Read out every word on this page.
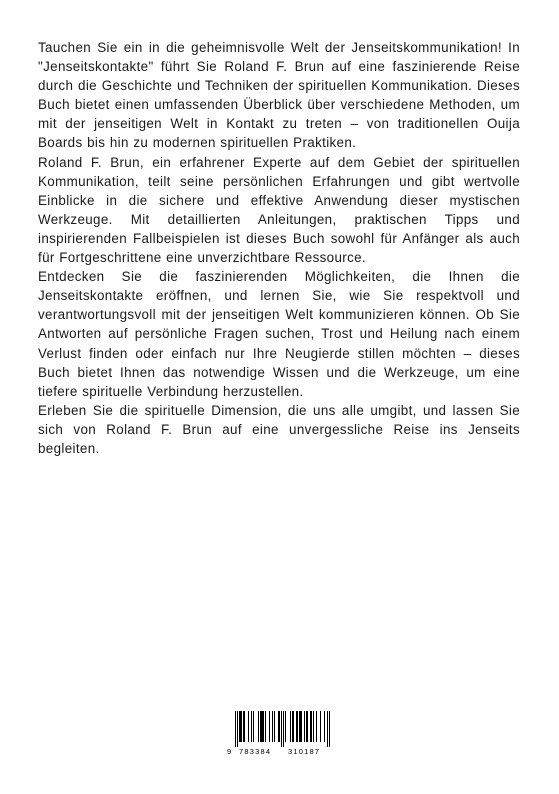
Tauchen Sie ein in die geheimnisvolle Welt der Jenseitskommunikation! In "Jenseitskontakte" führt Sie Roland F. Brun auf eine faszinierende Reise durch die Geschichte und Techniken der spirituellen Kommunikation. Dieses Buch bietet einen umfassenden Überblick über verschiedene Methoden, um mit der jenseitigen Welt in Kontakt zu treten – von traditionellen Ouija Boards bis hin zu modernen spirituellen Praktiken.

Roland F. Brun, ein erfahrener Experte auf dem Gebiet der spirituellen Kommunikation, teilt seine persönlichen Erfahrungen und gibt wertvolle Einblicke in die sichere und effektive Anwendung dieser mystischen Werkzeuge. Mit detaillierten Anleitungen, praktischen Tipps und inspirierenden Fallbeispielen ist dieses Buch sowohl für Anfänger als auch für Fortgeschrittene eine unverzichtbare Ressource.

Entdecken Sie die faszinierenden Möglichkeiten, die Ihnen die Jenseitskontakte eröffnen, und lernen Sie, wie Sie respektvoll und verantwortungsvoll mit der jenseitigen Welt kommunizieren können. Ob Sie Antworten auf persönliche Fragen suchen, Trost und Heilung nach einem Verlust finden oder einfach nur Ihre Neugierde stillen möchten – dieses Buch bietet Ihnen das notwendige Wissen und die Werkzeuge, um eine tiefere spirituelle Verbindung herzustellen.

Erleben Sie die spirituelle Dimension, die uns alle umgibt, und lassen Sie sich von Roland F. Brun auf eine unvergessliche Reise ins Jenseits begleiten.

9 783384 310187
